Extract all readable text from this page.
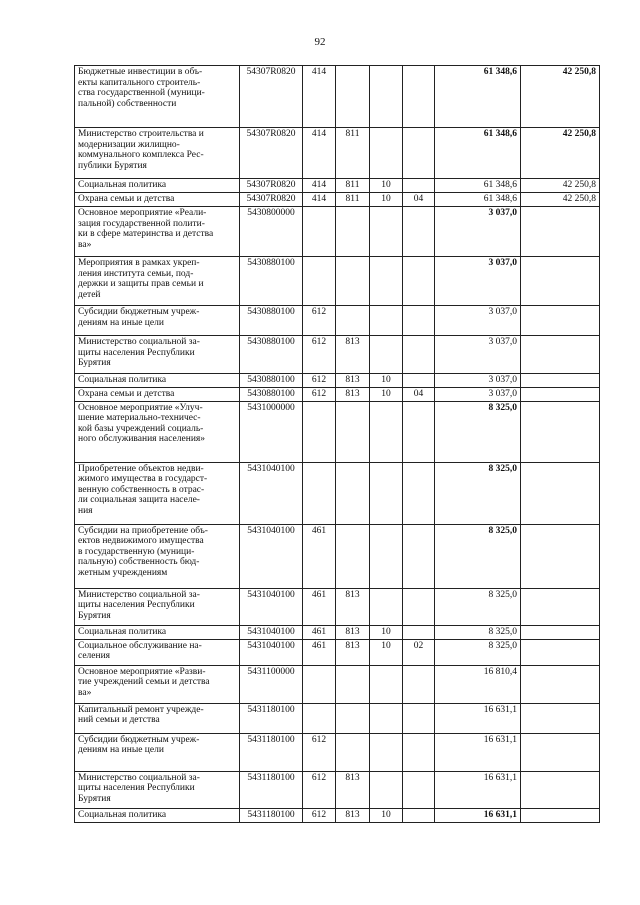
92
Бюджетные инвестиции в объ-
екты капитального строитель-
ства государственной (муници-
пальной) собственности	54307R0820	414				61 348,6	42 250,8
Министерство строительства и
модернизации жилищно-
коммунального комплекса Рес-
публики Бурятия	54307R0820	414	811			61 348,6	42 250,8
Социальная политика	54307R0820	414	811	10		61 348,6	42 250,8
Охрана семьи и детства	54307R0820	414	811	10	04	61 348,6	42 250,8
Основное мероприятие «Реали-
зация государственной полити-
ки в сфере материнства и детства
ва»	5430800000					3 037,0	
Мероприятия в рамках укреп-
ления института семьи, под-
держки и защиты прав семьи и
детей	5430880100					3 037,0	
Субсидии бюджетным учреж-
дениям на иные цели	5430880100	612				3 037,0	
Министерство социальной за-
щиты населения Республики
Бурятия	5430880100	612	813			3 037,0	
Социальная политика	5430880100	612	813	10		3 037,0	
Охрана семьи и детства	5430880100	612	813	10	04	3 037,0	
Основное мероприятие «Улуч-
шение материально-техничес-
кой базы учреждений социаль-
ного обслуживания населения»	5431000000					8 325,0	
Приобретение объектов недви-
жимого имущества в государст-
венную собственность в отрас-
ли социальная защита населе-
ния	5431040100					8 325,0	
Субсидии на приобретение объ-
ектов недвижимого имущества
в государственную (муници-
пальную) собственность бюд-
жетным учреждениям	5431040100	461				8 325,0	
Министерство социальной за-
щиты населения Республики
Бурятия	5431040100	461	813			8 325,0	
Социальная политика	5431040100	461	813	10		8 325,0	
Социальное обслуживание на-
селения	5431040100	461	813	10	02	8 325,0	
Основное мероприятие «Разви-
тие учреждений семьи и детства
ва»	5431100000					16 810,4	
Капитальный ремонт учрежде-
ний семьи и детства	5431180100					16 631,1	
Субсидии бюджетным учреж-
дениям на иные цели	5431180100	612				16 631,1	
Министерство социальной за-
щиты населения Республики
Бурятия	5431180100	612	813			16 631,1	
Социальная политика	5431180100	612	813	10		16 631,1	
